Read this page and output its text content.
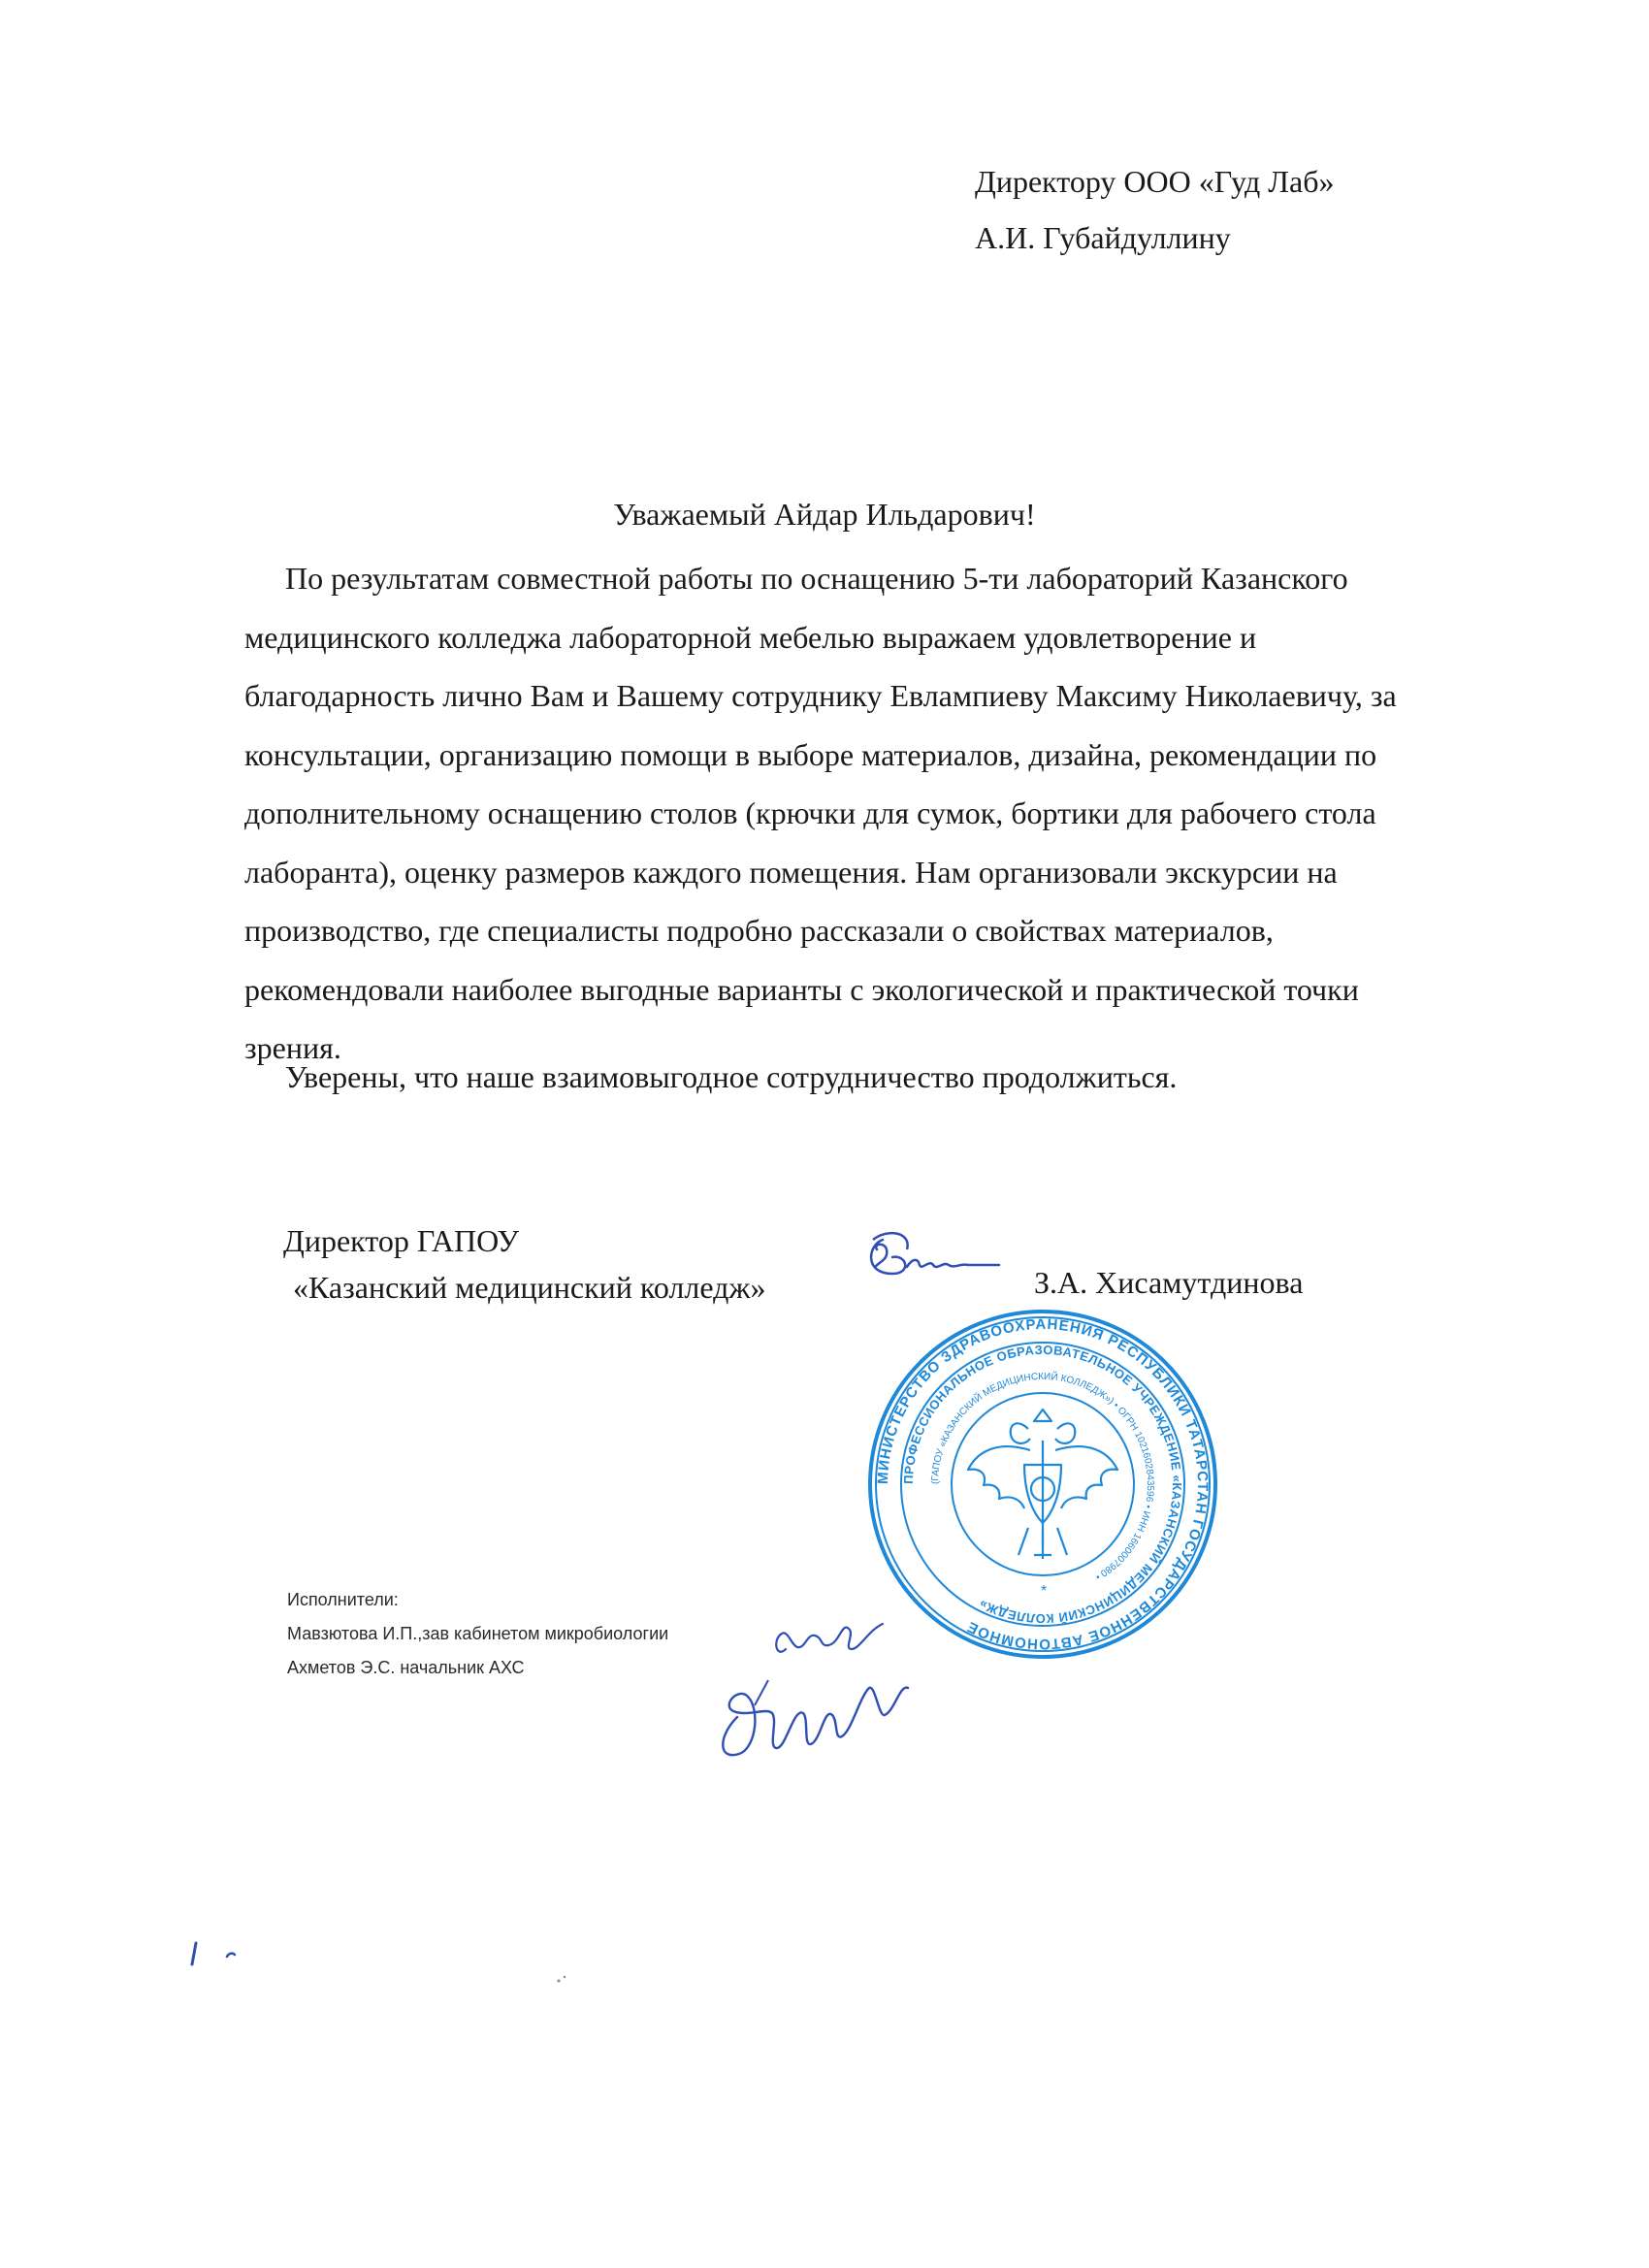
Директору ООО «Гуд Лаб»
А.И. Губайдуллину
Уважаемый Айдар Ильдарович!

По результатам совместной работы по оснащению 5-ти лабораторий Казанского медицинского колледжа лабораторной мебелью выражаем удовлетворение и благодарность лично Вам и Вашему сотруднику Евлампиеву Максиму Николаевичу, за консультации, организацию помощи в выборе материалов, дизайна, рекомендации по дополнительному оснащению столов (крючки для сумок, бортики для рабочего стола лаборанта), оценку размеров каждого помещения. Нам организовали экскурсии на производство, где специалисты подробно рассказали о свойствах материалов, рекомендовали наиболее выгодные варианты с экологической и практической точки зрения.

Уверены, что наше взаимовыгодное сотрудничество продолжиться.
Директор ГАПОУ
«Казанский медицинский колледж»	З.А. Хисамутдинова
МИНИСТЕРСТВО ЗДРАВООХРАНЕНИЯ РЕСПУБЛИКИ ТАТАРСТАН ГОСУДАРСТВЕННОЕ АВТОНОМНОЕ
ПРОФЕССИОНАЛЬНОЕ ОБРАЗОВАТЕЛЬНОЕ УЧРЕЖДЕНИЕ «КАЗАНСКИЙ МЕДИЦИНСКИЙ КОЛЛЕДЖ»
(ГАПОУ «КАЗАНСКИЙ МЕДИЦИНСКИЙ КОЛЛЕДЖ») • ОГРН 1021602843596 • ИНН 1660007980 •
*
Исполнители:
Мавзютова И.П.,зав кабинетом микробиологии
Ахметов Э.С. начальник АХС
